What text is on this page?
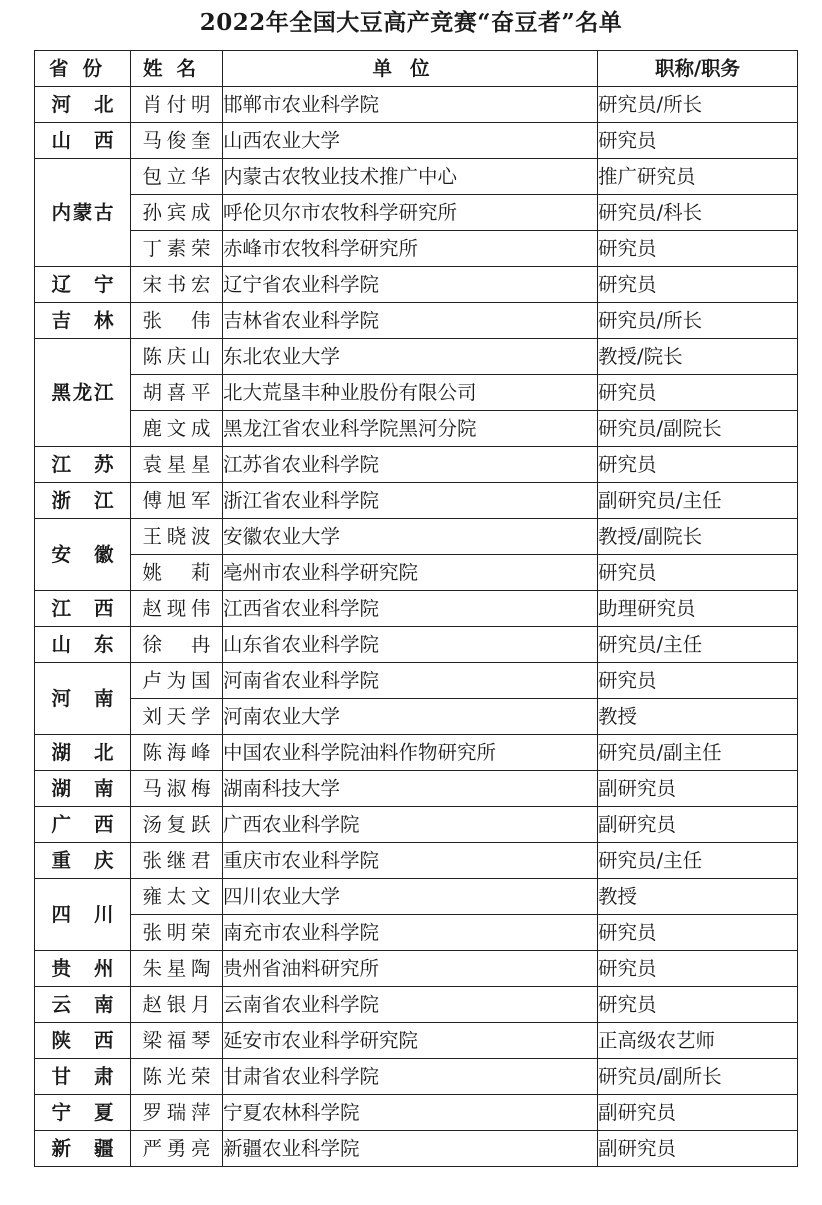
2022年全国大豆高产竞赛“奋豆者”名单
省份	姓名	单位	职称/职务
河北	肖付明	邯郸市农业科学院	研究员/所长
山西	马俊奎	山西农业大学	研究员
内蒙古	包立华	内蒙古农牧业技术推广中心	推广研究员
	孙宾成	呼伦贝尔市农牧科学研究所	研究员/科长
	丁素荣	赤峰市农牧科学研究所	研究员
辽宁	宋书宏	辽宁省农业科学院	研究员
吉林	张伟	吉林省农业科学院	研究员/所长
黑龙江	陈庆山	东北农业大学	教授/院长
	胡喜平	北大荒垦丰种业股份有限公司	研究员
	鹿文成	黑龙江省农业科学院黑河分院	研究员/副院长
江苏	袁星星	江苏省农业科学院	研究员
浙江	傅旭军	浙江省农业科学院	副研究员/主任
安徽	王晓波	安徽农业大学	教授/副院长
	姚莉	亳州市农业科学研究院	研究员
江西	赵现伟	江西省农业科学院	助理研究员
山东	徐冉	山东省农业科学院	研究员/主任
河南	卢为国	河南省农业科学院	研究员
	刘天学	河南农业大学	教授
湖北	陈海峰	中国农业科学院油料作物研究所	研究员/副主任
湖南	马淑梅	湖南科技大学	副研究员
广西	汤复跃	广西农业科学院	副研究员
重庆	张继君	重庆市农业科学院	研究员/主任
四川	雍太文	四川农业大学	教授
	张明荣	南充市农业科学院	研究员
贵州	朱星陶	贵州省油料研究所	研究员
云南	赵银月	云南省农业科学院	研究员
陕西	梁福琴	延安市农业科学研究院	正高级农艺师
甘肃	陈光荣	甘肃省农业科学院	研究员/副所长
宁夏	罗瑞萍	宁夏农林科学院	副研究员
新疆	严勇亮	新疆农业科学院	副研究员
